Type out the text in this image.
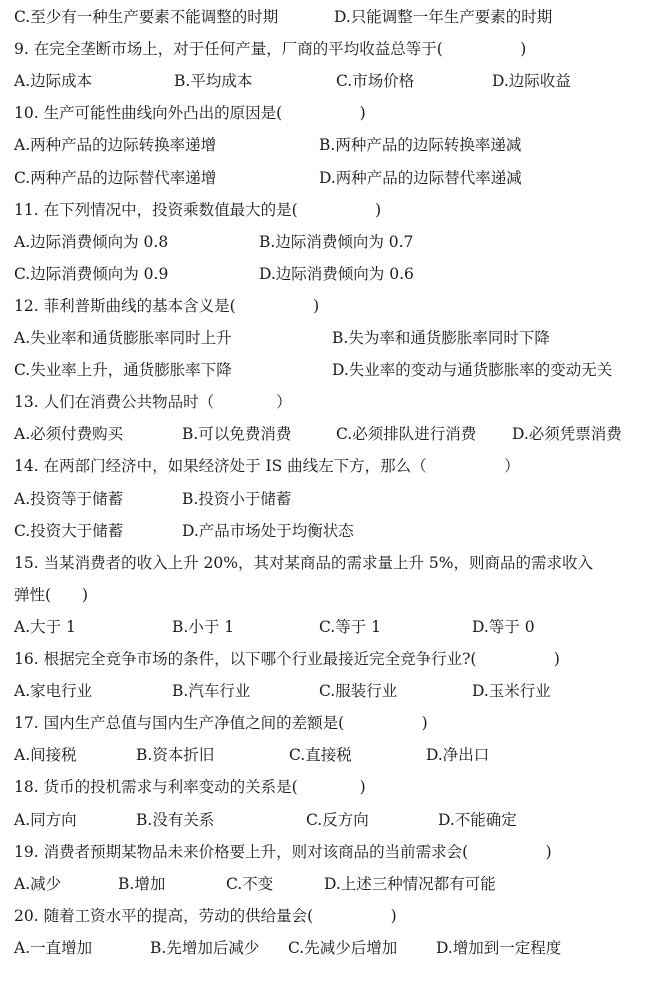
C.至少有一种生产要素不能调整的时期	D.只能调整一年生产要素的时期
9. 在完全垄断市场上，对于任何产量，厂商的平均收益总等于(　　　　　)
A.边际成本	B.平均成本	C.市场价格	D.边际收益
10. 生产可能性曲线向外凸出的原因是(　　　　　)
A.两种产品的边际转换率递增	B.两种产品的边际转换率递减
C.两种产品的边际替代率递增	D.两种产品的边际替代率递减
11. 在下列情况中，投资乘数值最大的是(　　　　　)
A.边际消费倾向为 0.8	B.边际消费倾向为 0.7
C.边际消费倾向为 0.9	D.边际消费倾向为 0.6
12. 菲利普斯曲线的基本含义是(　　　　　)
A.失业率和通货膨胀率同时上升	B.失为率和通货膨胀率同时下降
C.失业率上升，通货膨胀率下降	D.失业率的变动与通货膨胀率的变动无关
13. 人们在消费公共物品时（　　　　）
A.必须付费购买	B.可以免费消费	C.必须排队进行消费 D.必须凭票消费
14. 在两部门经济中，如果经济处于 IS 曲线左下方，那么（　　　　　）
A.投资等于储蓄	B.投资小于储蓄
C.投资大于储蓄	D.产品市场处于均衡状态
15. 当某消费者的收入上升 20%，其对某商品的需求量上升 5%，则商品的需求收入
弹性(　　)
A.大于 1	B.小于 1	C.等于 1	D.等于 0
16. 根据完全竞争市场的条件，以下哪个行业最接近完全竞争行业?(　　　　　)
A.家电行业	B.汽车行业	C.服装行业	D.玉米行业
17. 国内生产总值与国内生产净值之间的差额是(　　　　　)
A.间接税	B.资本折旧	C.直接税	D.净出口
18. 货币的投机需求与利率变动的关系是(　　　　)
A.同方向	B.没有关系	C.反方向	D.不能确定
19. 消费者预期某物品未来价格要上升，则对该商品的当前需求会(　　　　　)
A.减少	B.增加	C.不变	D.上述三种情况都有可能
20. 随着工资水平的提高，劳动的供给量会(　　　　　)
A.一直增加	B.先增加后减少 C.先减少后增加	D.增加到一定程度
